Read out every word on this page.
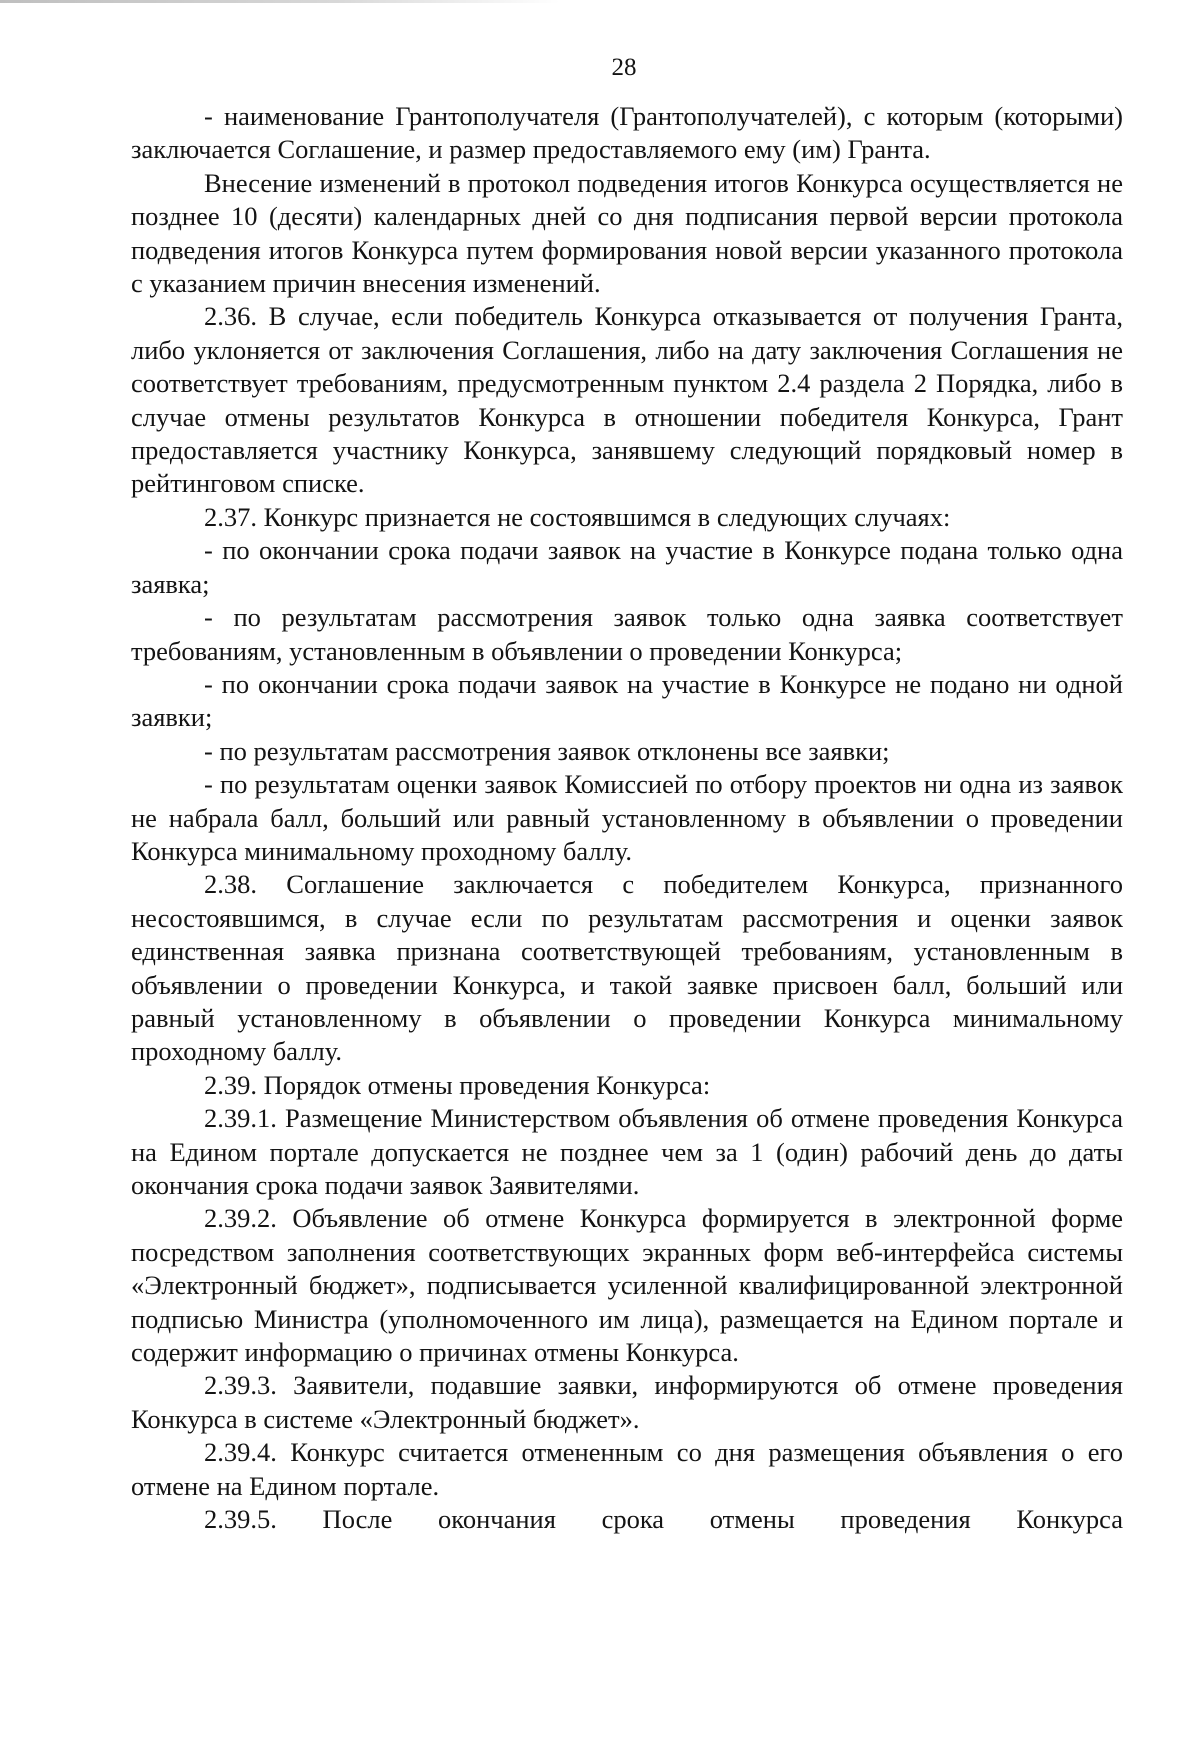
28

- наименование Грантополучателя (Грантополучателей), с которым (которыми) заключается Соглашение, и размер предоставляемого ему (им) Гранта.

Внесение изменений в протокол подведения итогов Конкурса осуществляется не позднее 10 (десяти) календарных дней со дня подписания первой версии протокола подведения итогов Конкурса путем формирования новой версии указанного протокола с указанием причин внесения изменений.

2.36. В случае, если победитель Конкурса отказывается от получения Гранта, либо уклоняется от заключения Соглашения, либо на дату заключения Соглашения не соответствует требованиям, предусмотренным пунктом 2.4 раздела 2 Порядка, либо в случае отмены результатов Конкурса в отношении победителя Конкурса, Грант предоставляется участнику Конкурса, занявшему следующий порядковый номер в рейтинговом списке.

2.37. Конкурс признается не состоявшимся в следующих случаях:

- по окончании срока подачи заявок на участие в Конкурсе подана только одна заявка;

- по результатам рассмотрения заявок только одна заявка соответствует требованиям, установленным в объявлении о проведении Конкурса;

- по окончании срока подачи заявок на участие в Конкурсе не подано ни одной заявки;

- по результатам рассмотрения заявок отклонены все заявки;

- по результатам оценки заявок Комиссией по отбору проектов ни одна из заявок не набрала балл, больший или равный установленному в объявлении о проведении Конкурса минимальному проходному баллу.

2.38. Соглашение заключается с победителем Конкурса, признанного несостоявшимся, в случае если по результатам рассмотрения и оценки заявок единственная заявка признана соответствующей требованиям, установленным в объявлении о проведении Конкурса, и такой заявке присвоен балл, больший или равный установленному в объявлении о проведении Конкурса минимальному проходному баллу.

2.39. Порядок отмены проведения Конкурса:

2.39.1. Размещение Министерством объявления об отмене проведения Конкурса на Едином портале допускается не позднее чем за 1 (один) рабочий день до даты окончания срока подачи заявок Заявителями.

2.39.2. Объявление об отмене Конкурса формируется в электронной форме посредством заполнения соответствующих экранных форм веб-интерфейса системы «Электронный бюджет», подписывается усиленной квалифицированной электронной подписью Министра (уполномоченного им лица), размещается на Едином портале и содержит информацию о причинах отмены Конкурса.

2.39.3. Заявители, подавшие заявки, информируются об отмене проведения Конкурса в системе «Электронный бюджет».

2.39.4. Конкурс считается отмененным со дня размещения объявления о его отмене на Едином портале.

2.39.5. После окончания срока отмены проведения Конкурса
